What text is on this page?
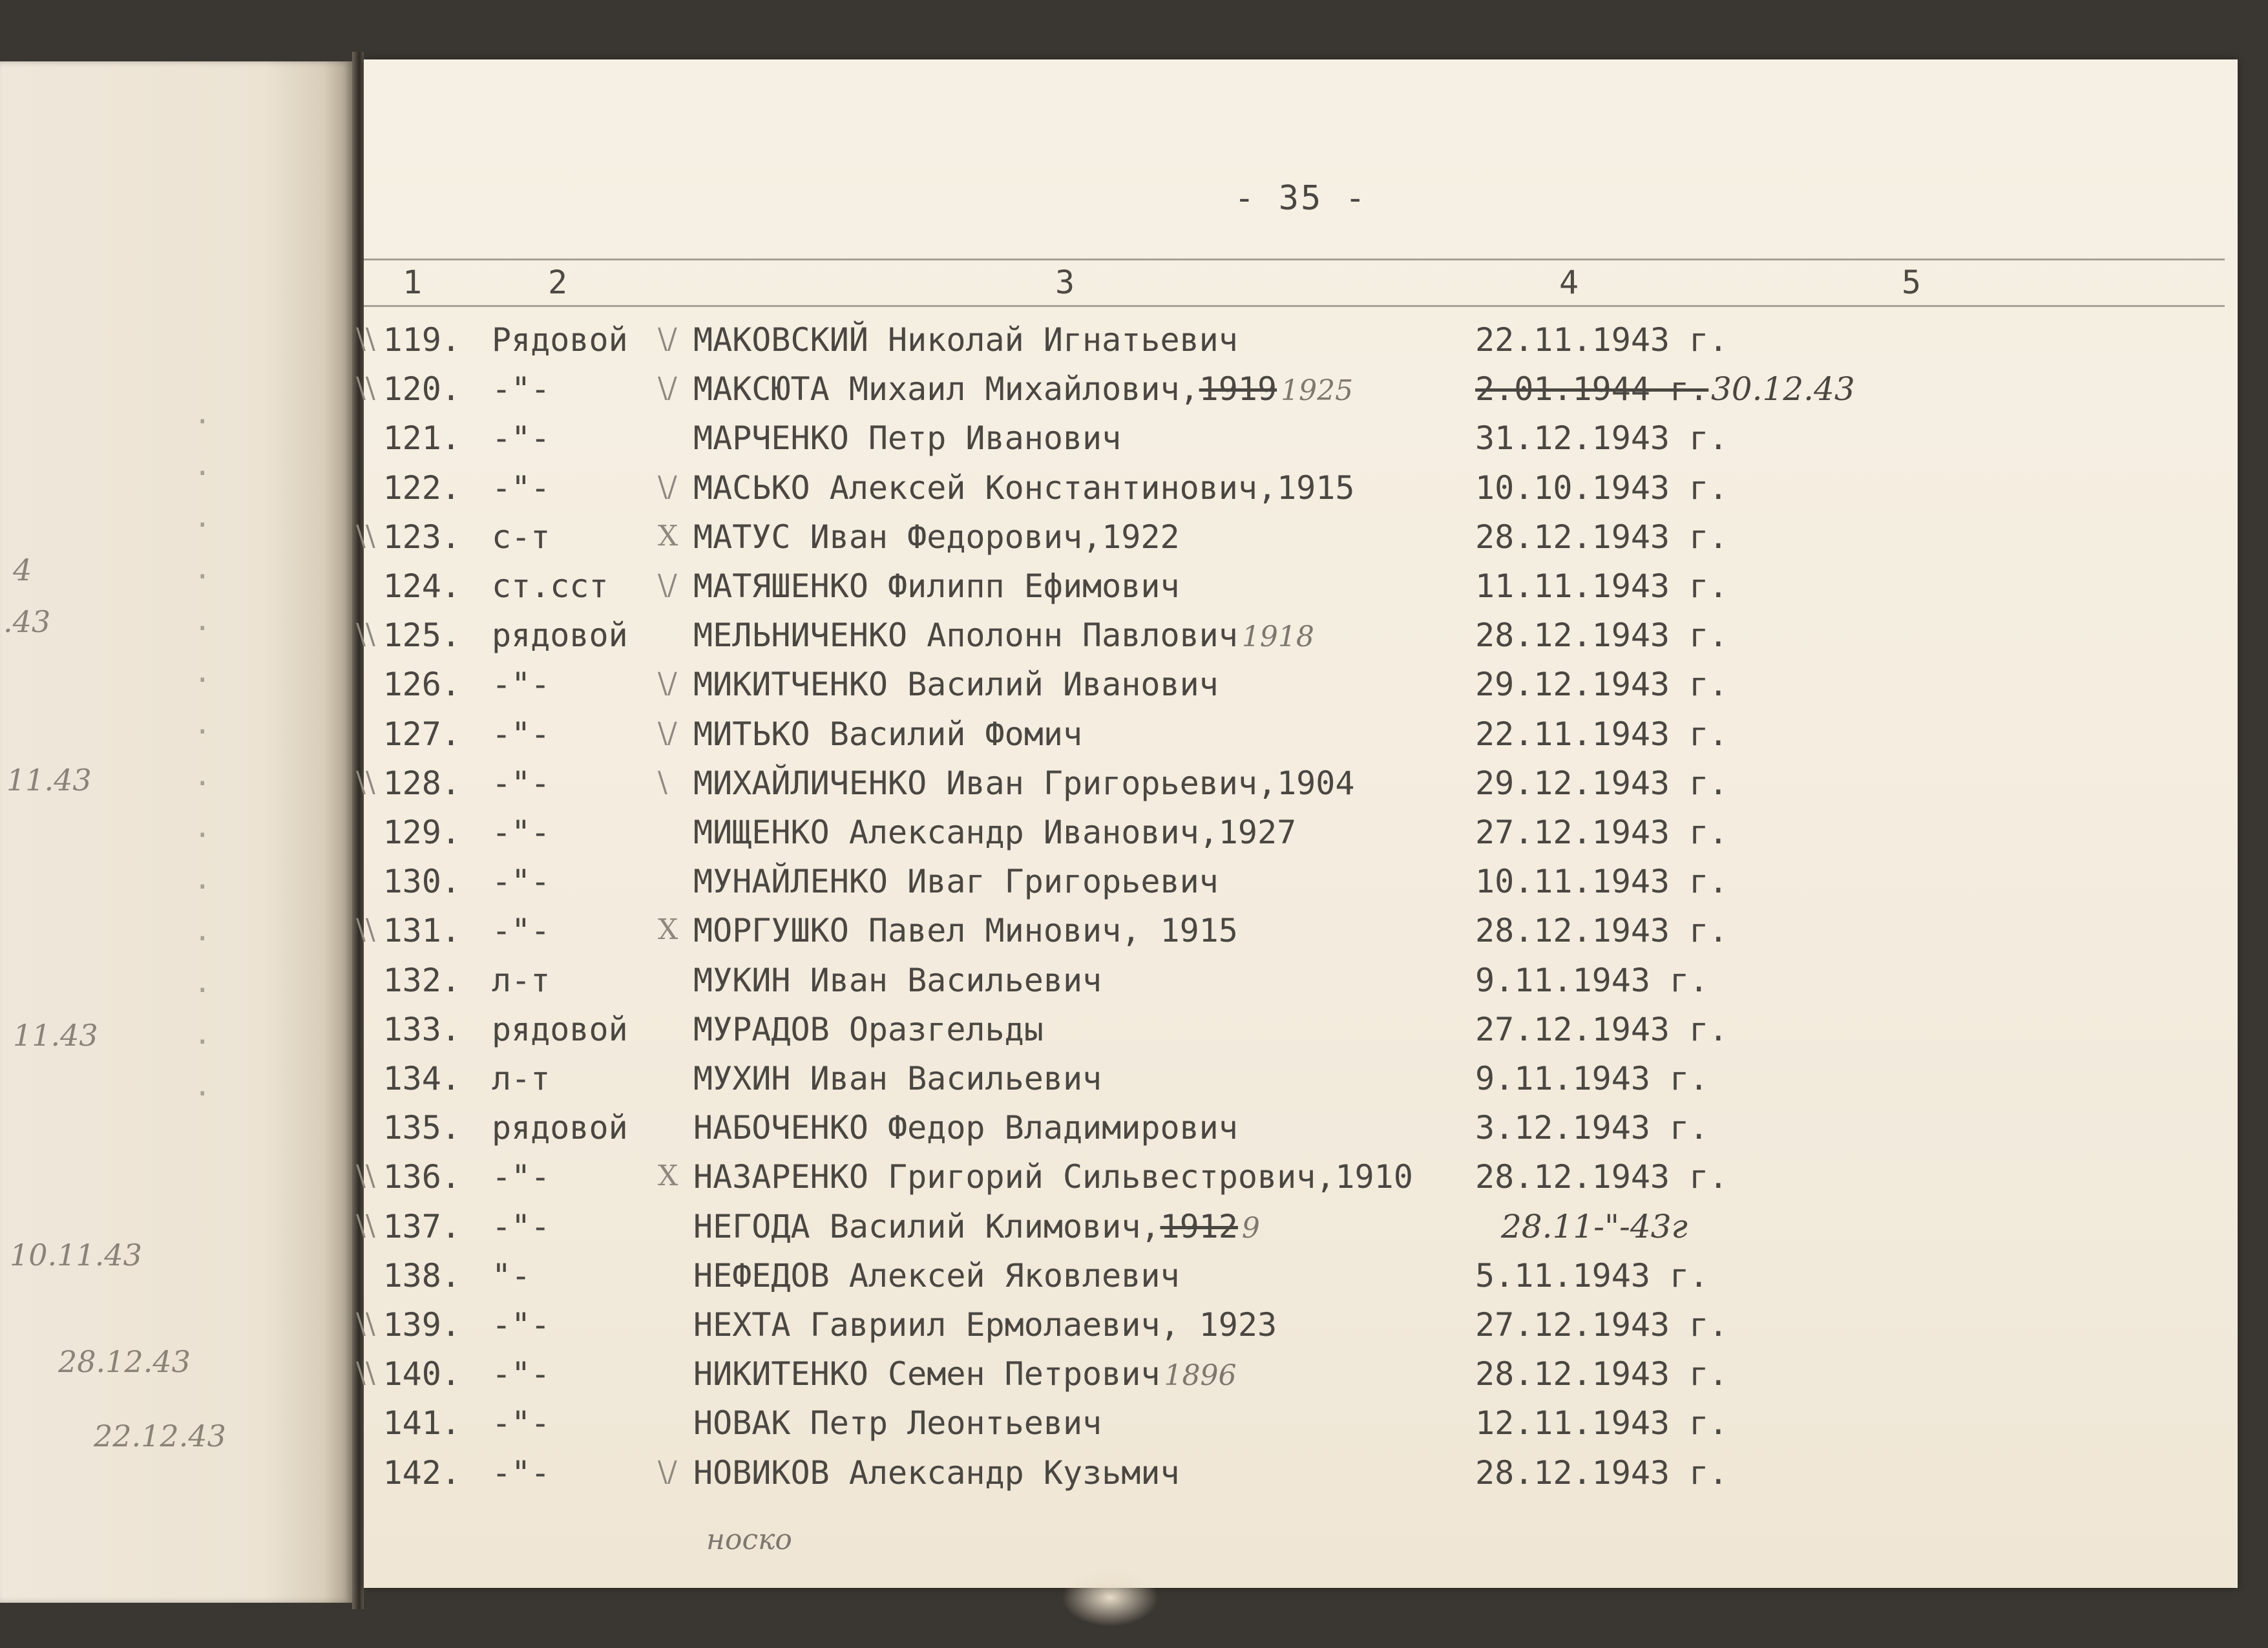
4
.43
11.43
11.43
10.11.43
28.12.43
22.12.43
.
.
.
.
.
.
.
.
.
.
.
.
.
.
- 35 -
1	2	3	4	5
\\ 119. Рядовой \/ МАКОВСКИЙ Николай Игнатьевич	22.11.1943 г.
\\ 120. -"-	\/ МАКСЮТА Михаил Михайлович,1919 1925	2.01.1944 г. 30.12.43
121. -"-	МАРЧЕНКО Петр Иванович	31.12.1943 г.
122. -"-	\/ МАСЬКО Алексей Константинович,1915	10.10.1943 г.
\\ 123. с-т	X МАТУС Иван Федорович,1922	28.12.1943 г.
124. ст.сст \/ МАТЯШЕНКО Филипп Ефимович	11.11.1943 г.
\\ 125. рядовой МЕЛЬНИЧЕНКО Аполонн Павлович 1918	28.12.1943 г.
126. -"-	\/ МИКИТЧЕНКО Василий Иванович	29.12.1943 г.
127. -"-	\/ МИТЬКО Василий Фомич	22.11.1943 г.
\\ 128. -"-	\ МИХАЙЛИЧЕНКО Иван Григорьевич,1904	29.12.1943 г.
129. -"-	МИЩЕНКО Александр Иванович,1927	27.12.1943 г.
130. -"-	МУНАЙЛЕНКО Иваг Григорьевич	10.11.1943 г.
\\ 131. -"-	X МОРГУШКО Павел Минович, 1915	28.12.1943 г.
132. л-т	МУКИН Иван Васильевич	9.11.1943 г.
133. рядовой МУРАДОВ Оразгельды	27.12.1943 г.
134. л-т	МУХИН Иван Васильевич	9.11.1943 г.
135. рядовой НАБОЧЕНКО Федор Владимирович	3.12.1943 г.
\\ 136. -"-	X НАЗАРЕНКО Григорий Сильвестрович,1910 28.12.1943 г.
\\ 137. -"-	НЕГОДА Василий Климович,1912 9	28.11-"-43г
138. "-	НЕФЕДОВ Алексей Яковлевич	5.11.1943 г.
\\ 139. -"-	НЕХТА Гавриил Ермолаевич, 1923	27.12.1943 г.
\\ 140. -"-	НИКИТЕНКО Семен Петрович 1896	28.12.1943 г.
141. -"-	НОВАК Петр Леонтьевич	12.11.1943 г.
142. -"-	\/ НОВИКОВ Александр Кузьмич	28.12.1943 г.
носко
